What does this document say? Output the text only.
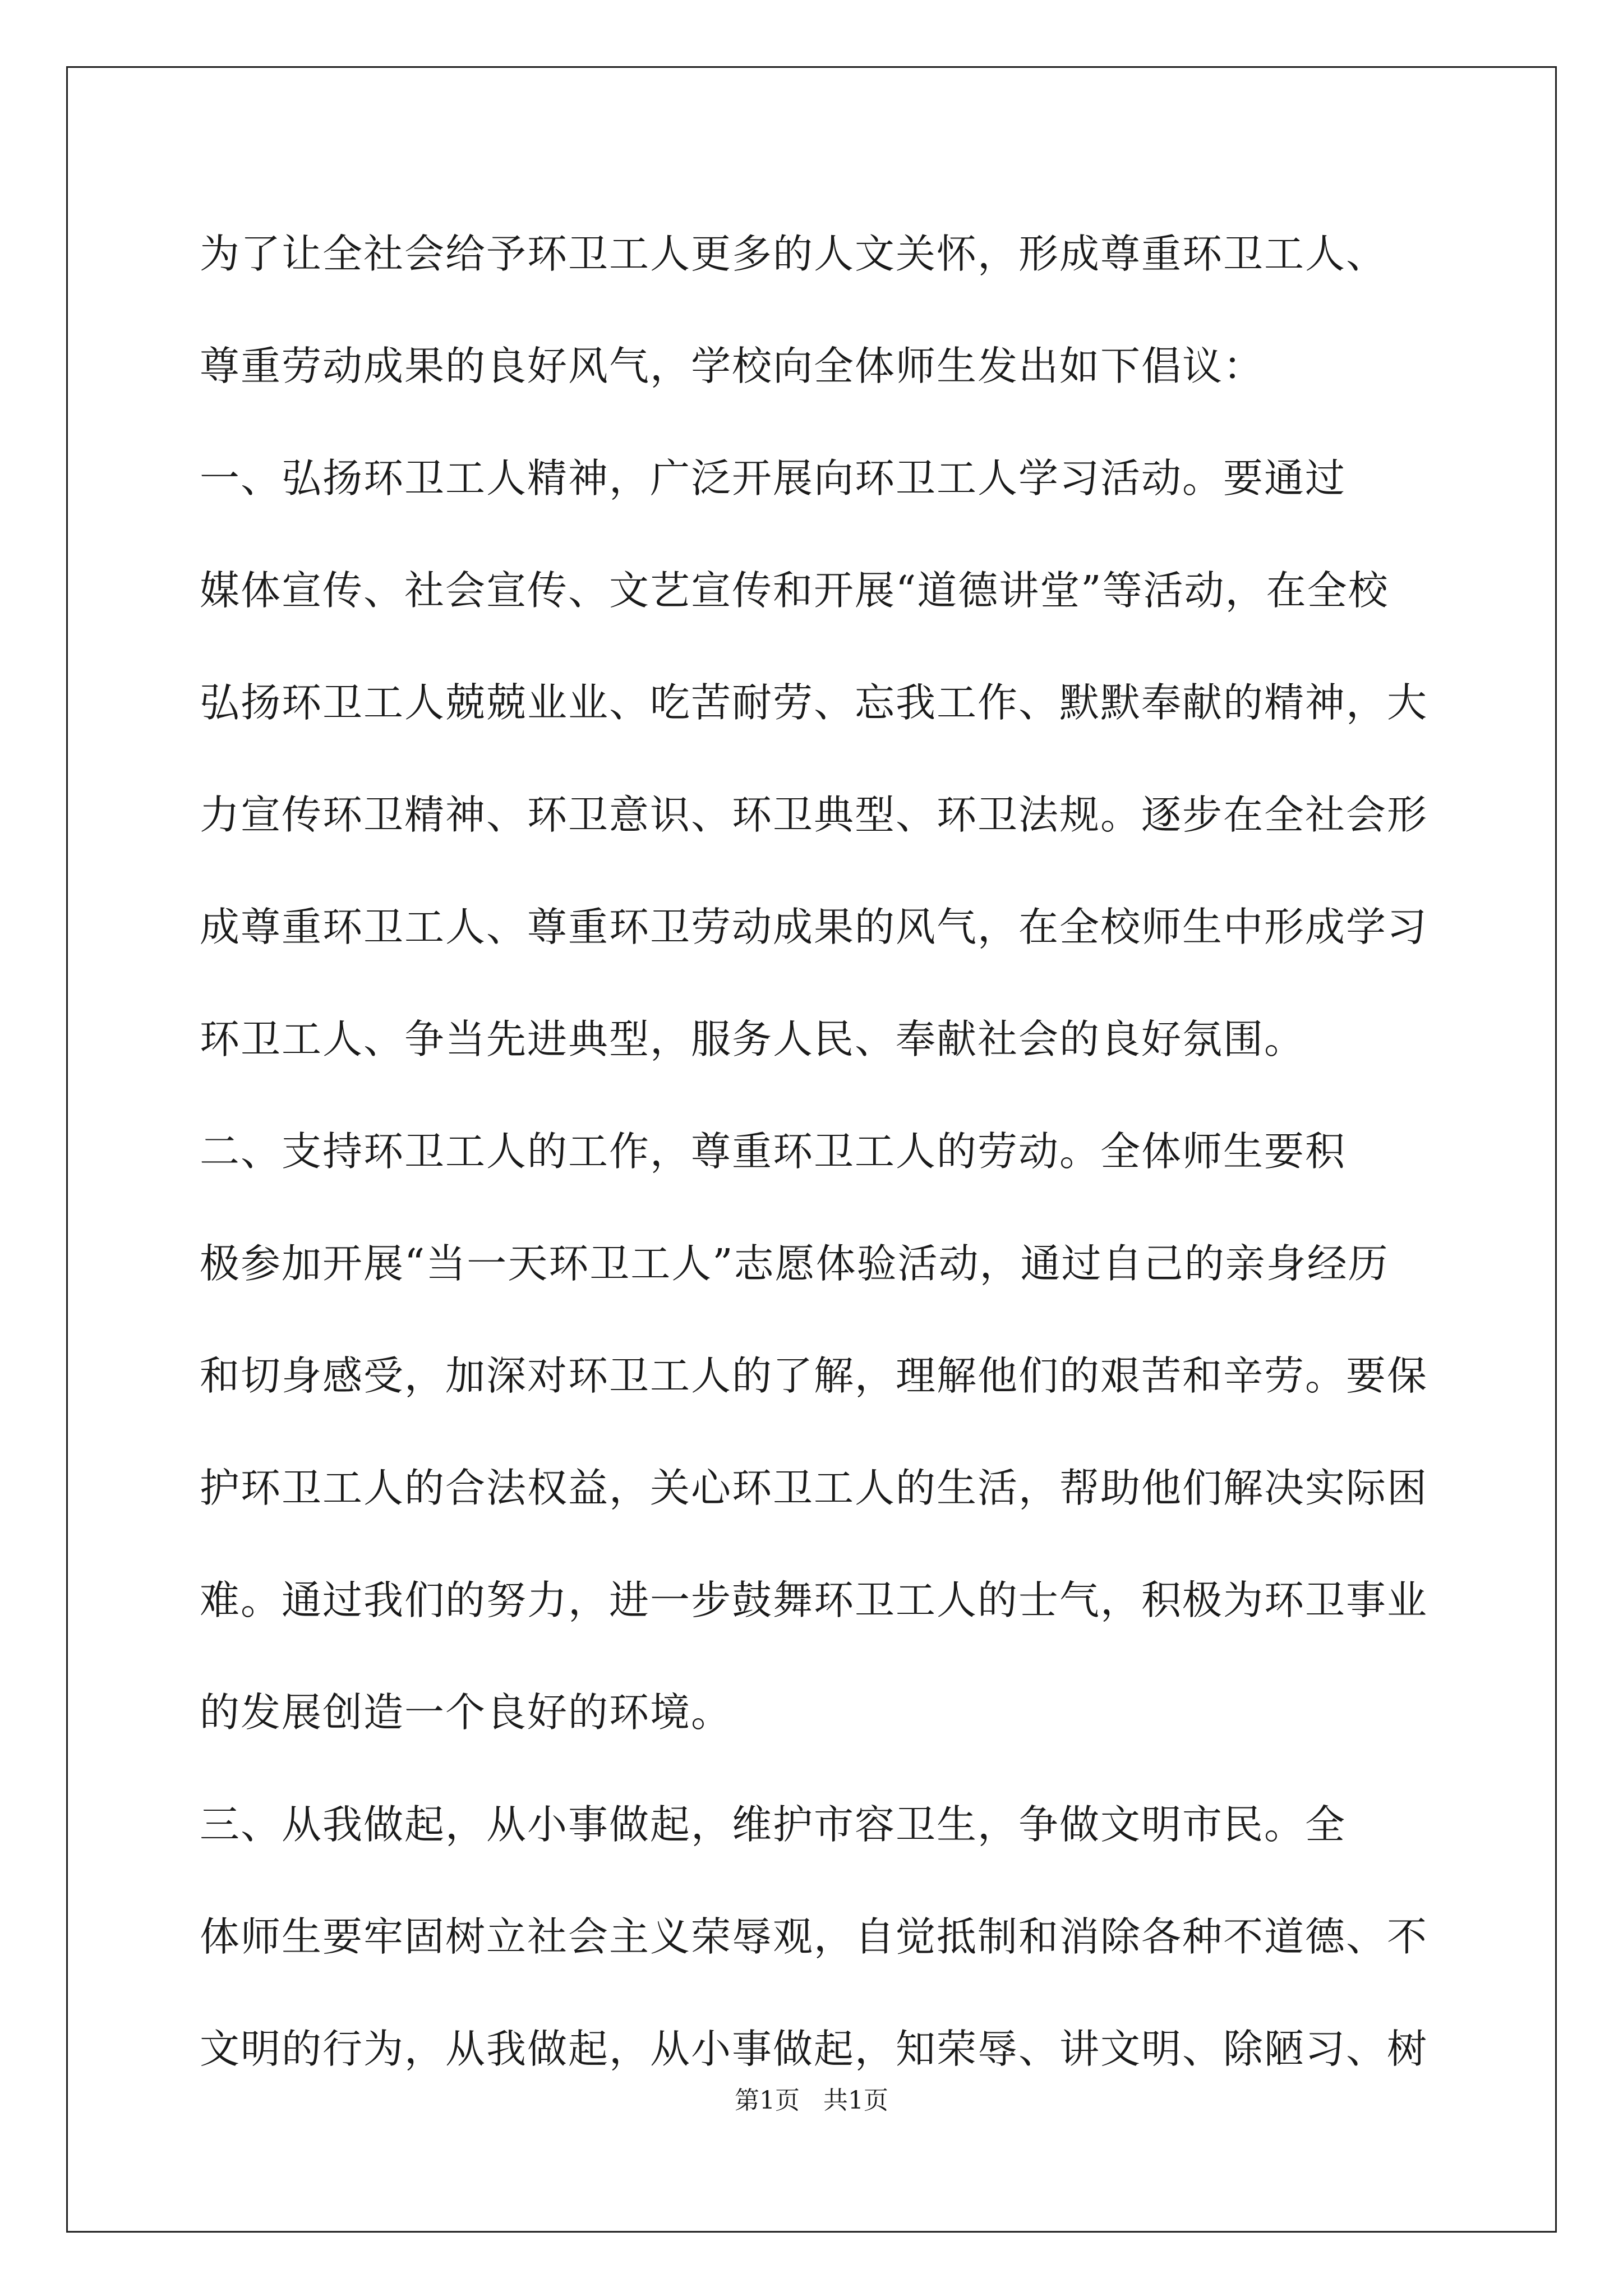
为了让全社会给予环卫工人更多的人文关怀，形成尊重环卫工人、
尊重劳动成果的良好风气，学校向全体师生发出如下倡议：
一、弘扬环卫工人精神，广泛开展向环卫工人学习活动。要通过
媒体宣传、社会宣传、文艺宣传和开展“道德讲堂”等活动，在全校
弘扬环卫工人兢兢业业、吃苦耐劳、忘我工作、默默奉献的精神，大
力宣传环卫精神、环卫意识、环卫典型、环卫法规。逐步在全社会形
成尊重环卫工人、尊重环卫劳动成果的风气，在全校师生中形成学习
环卫工人、争当先进典型，服务人民、奉献社会的良好氛围。
二、支持环卫工人的工作，尊重环卫工人的劳动。全体师生要积
极参加开展“当一天环卫工人”志愿体验活动，通过自己的亲身经历
和切身感受，加深对环卫工人的了解，理解他们的艰苦和辛劳。要保
护环卫工人的合法权益，关心环卫工人的生活，帮助他们解决实际困
难。通过我们的努力，进一步鼓舞环卫工人的士气，积极为环卫事业
的发展创造一个良好的环境。
三、从我做起，从小事做起，维护市容卫生，争做文明市民。全
体师生要牢固树立社会主义荣辱观，自觉抵制和消除各种不道德、不
文明的行为，从我做起，从小事做起，知荣辱、讲文明、除陋习、树
第1页   共1页
